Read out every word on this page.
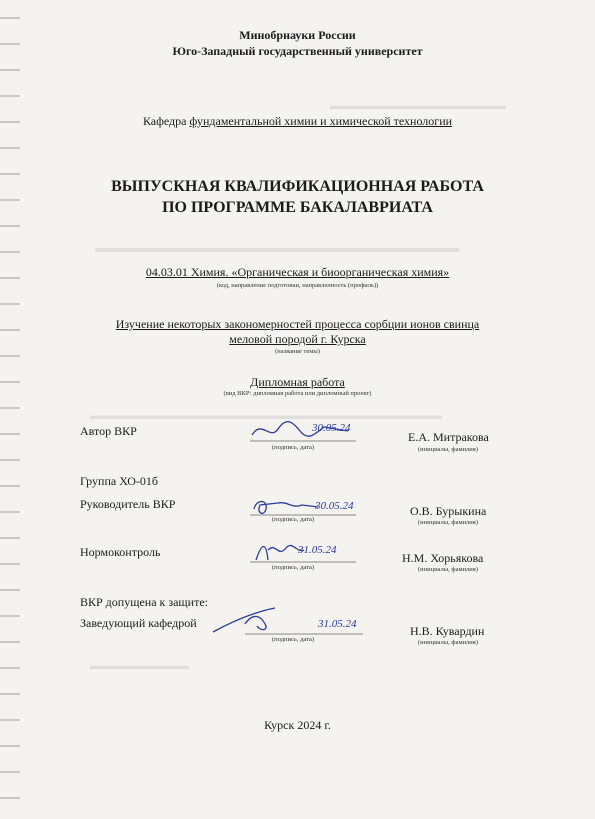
▬▬▬▬▬▬▬▬▬▬▬▬▬▬▬▬
▬▬▬▬▬▬▬▬▬▬▬▬▬▬▬▬▬▬▬▬▬▬▬▬▬▬▬▬
▬▬▬▬▬▬▬▬▬▬▬▬▬▬▬▬▬▬▬▬▬▬▬▬▬▬▬▬▬▬▬▬
▬▬▬▬▬▬▬▬▬
Минобрнауки России
Юго-Западный государственный университет
Кафедра фундаментальной химии и химической технологии
ВЫПУСКНАЯ КВАЛИФИКАЦИОННАЯ РАБОТА
ПО ПРОГРАММЕ БАКАЛАВРИАТА
04.03.01 Химия. «Органическая и биоорганическая химия»
(код, направление подготовки, направленность (профиль))
Изучение некоторых закономерностей процесса сорбции ионов свинца
меловой породой г. Курска
(название темы)
Дипломная работа
(вид ВКР: дипломная работа или дипломный проект)
Автор ВКР	30.05.24
(подпись, дата)
Е.А. Митракова
(инициалы, фамилия)
Группа ХО-01б
Руководитель ВКР	30.05.24
(подпись, дата)
О.В. Бурыкина
(инициалы, фамилия)
Нормоконтроль	31.05.24
(подпись, дата)
Н.М. Хорьякова
(инициалы, фамилия)
ВКР допущена к защите:
Заведующий кафедрой	31.05.24
(подпись, дата)
Н.В. Кувардин
(инициалы, фамилия)
Курск 2024 г.
